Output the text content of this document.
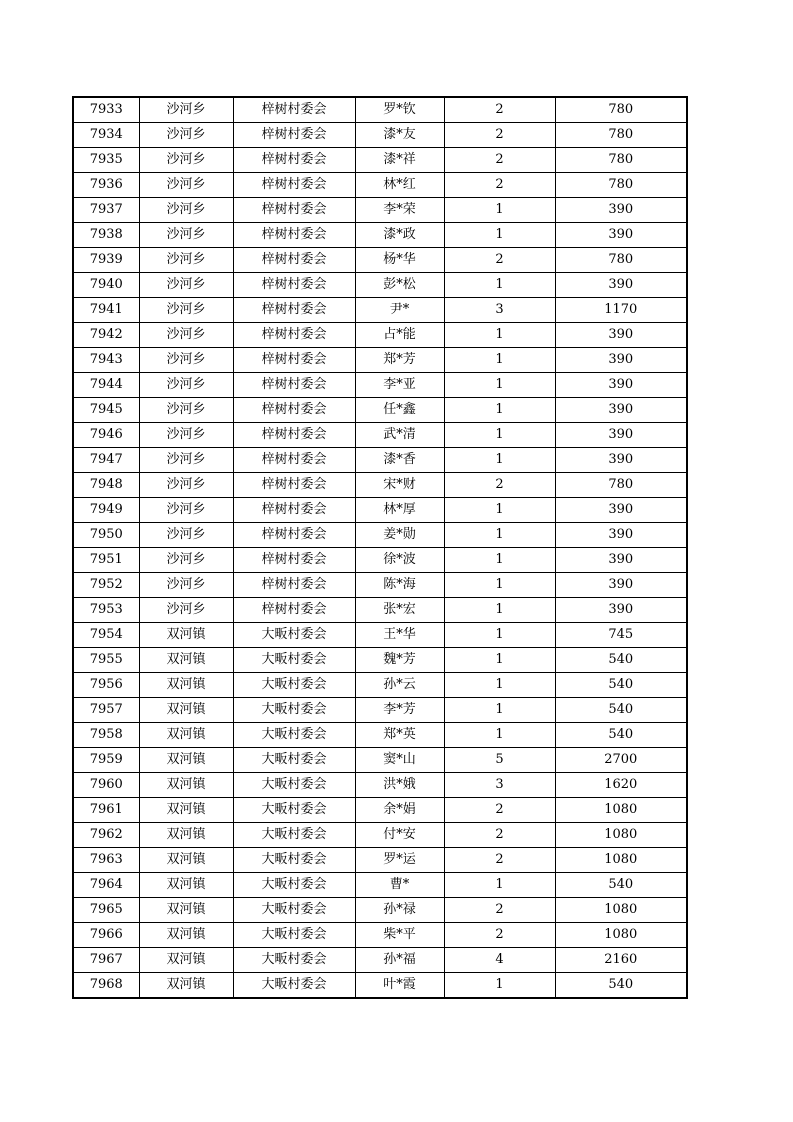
7933	沙河乡	梓树村委会	罗*钦	2	780
7934	沙河乡	梓树村委会	漆*友	2	780
7935	沙河乡	梓树村委会	漆*祥	2	780
7936	沙河乡	梓树村委会	林*红	2	780
7937	沙河乡	梓树村委会	李*荣	1	390
7938	沙河乡	梓树村委会	漆*政	1	390
7939	沙河乡	梓树村委会	杨*华	2	780
7940	沙河乡	梓树村委会	彭*松	1	390
7941	沙河乡	梓树村委会	尹*	3	1170
7942	沙河乡	梓树村委会	占*能	1	390
7943	沙河乡	梓树村委会	郑*芳	1	390
7944	沙河乡	梓树村委会	李*亚	1	390
7945	沙河乡	梓树村委会	任*鑫	1	390
7946	沙河乡	梓树村委会	武*清	1	390
7947	沙河乡	梓树村委会	漆*香	1	390
7948	沙河乡	梓树村委会	宋*财	2	780
7949	沙河乡	梓树村委会	林*厚	1	390
7950	沙河乡	梓树村委会	姜*勋	1	390
7951	沙河乡	梓树村委会	徐*波	1	390
7952	沙河乡	梓树村委会	陈*海	1	390
7953	沙河乡	梓树村委会	张*宏	1	390
7954	双河镇	大畈村委会	王*华	1	745
7955	双河镇	大畈村委会	魏*芳	1	540
7956	双河镇	大畈村委会	孙*云	1	540
7957	双河镇	大畈村委会	李*芳	1	540
7958	双河镇	大畈村委会	郑*英	1	540
7959	双河镇	大畈村委会	窦*山	5	2700
7960	双河镇	大畈村委会	洪*娥	3	1620
7961	双河镇	大畈村委会	余*娟	2	1080
7962	双河镇	大畈村委会	付*安	2	1080
7963	双河镇	大畈村委会	罗*运	2	1080
7964	双河镇	大畈村委会	曹*	1	540
7965	双河镇	大畈村委会	孙*禄	2	1080
7966	双河镇	大畈村委会	柴*平	2	1080
7967	双河镇	大畈村委会	孙*福	4	2160
7968	双河镇	大畈村委会	叶*霞	1	540
